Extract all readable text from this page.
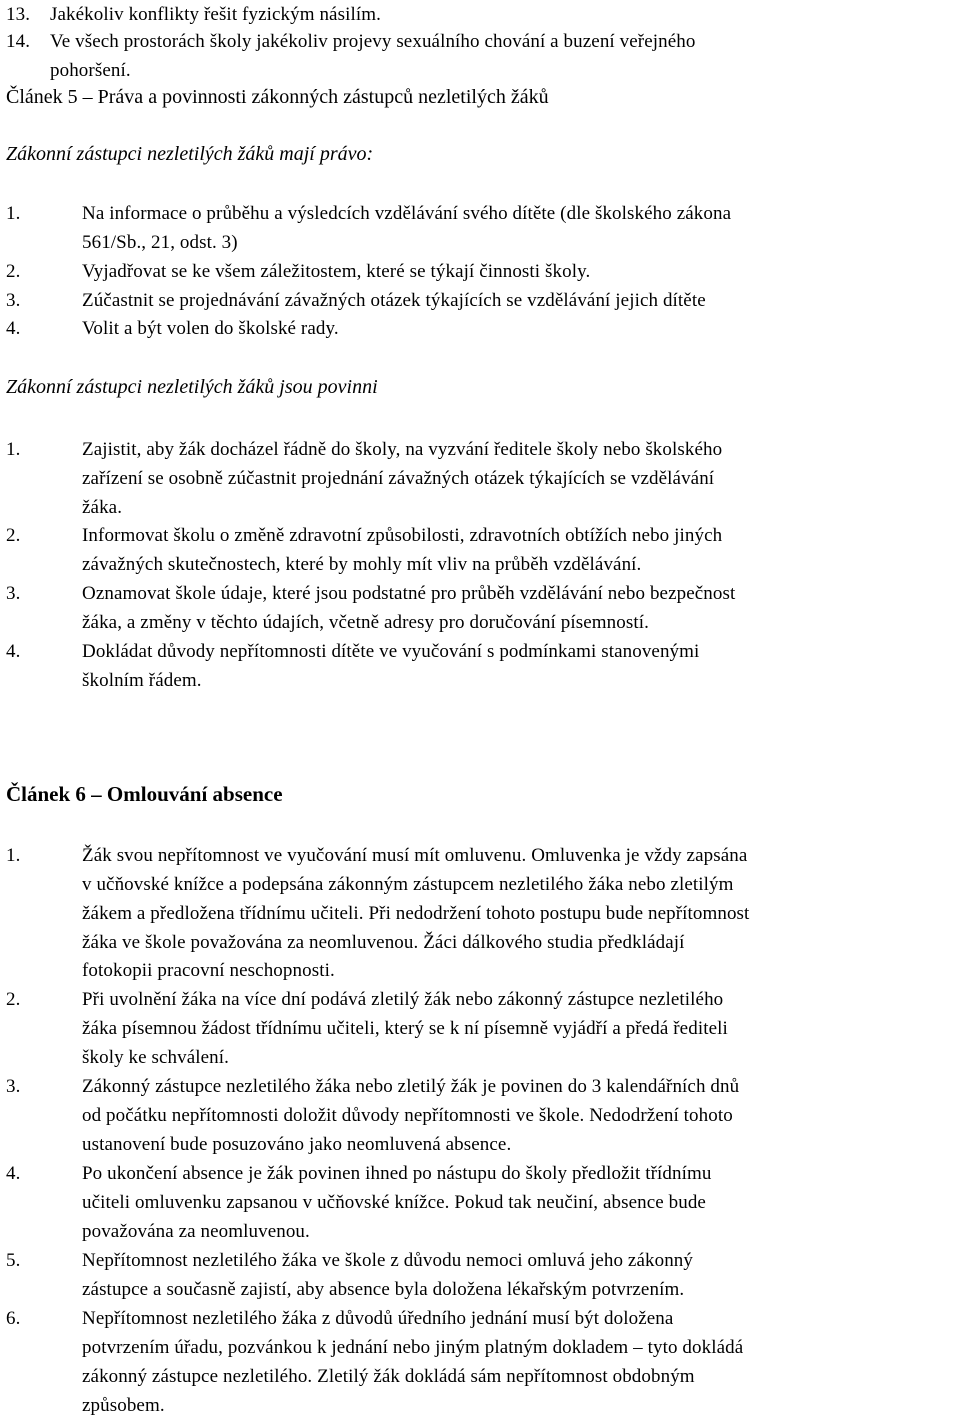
13. Jakékoliv konflikty řešit fyzickým násilím.
14. Ve všech prostorách školy jakékoliv projevy sexuálního chování a buzení veřejného
pohoršení.
Článek 5 – Práva a povinnosti zákonných zástupců nezletilých žáků
Zákonní zástupci nezletilých žáků mají právo:
1.	Na informace o průběhu a výsledcích vzdělávání svého dítěte (dle školského zákona
561/Sb., 21, odst. 3)
2.	Vyjadřovat se ke všem záležitostem, které se týkají činnosti školy.
3.	Zúčastnit se projednávání závažných otázek týkajících se vzdělávání jejich dítěte
4.	Volit a být volen do školské rady.
Zákonní zástupci nezletilých žáků jsou povinni
1.	Zajistit, aby žák docházel řádně do školy, na vyzvání ředitele školy nebo školského
zařízení se osobně zúčastnit projednání závažných otázek týkajících se vzdělávání
žáka.
2.	Informovat školu o změně zdravotní způsobilosti, zdravotních obtížích nebo jiných
závažných skutečnostech, které by mohly mít vliv na průběh vzdělávání.
3.	Oznamovat škole údaje, které jsou podstatné pro průběh vzdělávání nebo bezpečnost
žáka, a změny v těchto údajích, včetně adresy pro doručování písemností.
4.	Dokládat důvody nepřítomnosti dítěte ve vyučování s podmínkami stanovenými
školním řádem.
Článek 6 – Omlouvání absence
1.	Žák svou nepřítomnost ve vyučování musí mít omluvenu. Omluvenka je vždy zapsána
v učňovské knížce a podepsána zákonným zástupcem nezletilého žáka nebo zletilým
žákem a předložena třídnímu učiteli. Při nedodržení tohoto postupu bude nepřítomnost
žáka ve škole považována za neomluvenou. Žáci dálkového studia předkládají
fotokopii pracovní neschopnosti.
2.	Při uvolnění žáka na více dní podává zletilý žák nebo zákonný zástupce nezletilého
žáka písemnou žádost třídnímu učiteli, který se k ní písemně vyjádří a předá řediteli
školy ke schválení.
3.	Zákonný zástupce nezletilého žáka nebo zletilý žák je povinen do 3 kalendářních dnů
od počátku nepřítomnosti doložit důvody nepřítomnosti ve škole. Nedodržení tohoto
ustanovení bude posuzováno jako neomluvená absence.
4.	Po ukončení absence je žák povinen ihned po nástupu do školy předložit třídnímu
učiteli omluvenku zapsanou v učňovské knížce. Pokud tak neučiní, absence bude
považována za neomluvenou.
5.	Nepřítomnost nezletilého žáka ve škole z důvodu nemoci omluvá jeho zákonný
zástupce a současně zajistí, aby absence byla doložena lékařským potvrzením.
6.	Nepřítomnost nezletilého žáka z důvodů úředního jednání musí být doložena
potvrzením úřadu, pozvánkou k jednání nebo jiným platným dokladem – tyto dokládá
zákonný zástupce nezletilého. Zletilý žák dokládá sám nepřítomnost obdobným
způsobem.
